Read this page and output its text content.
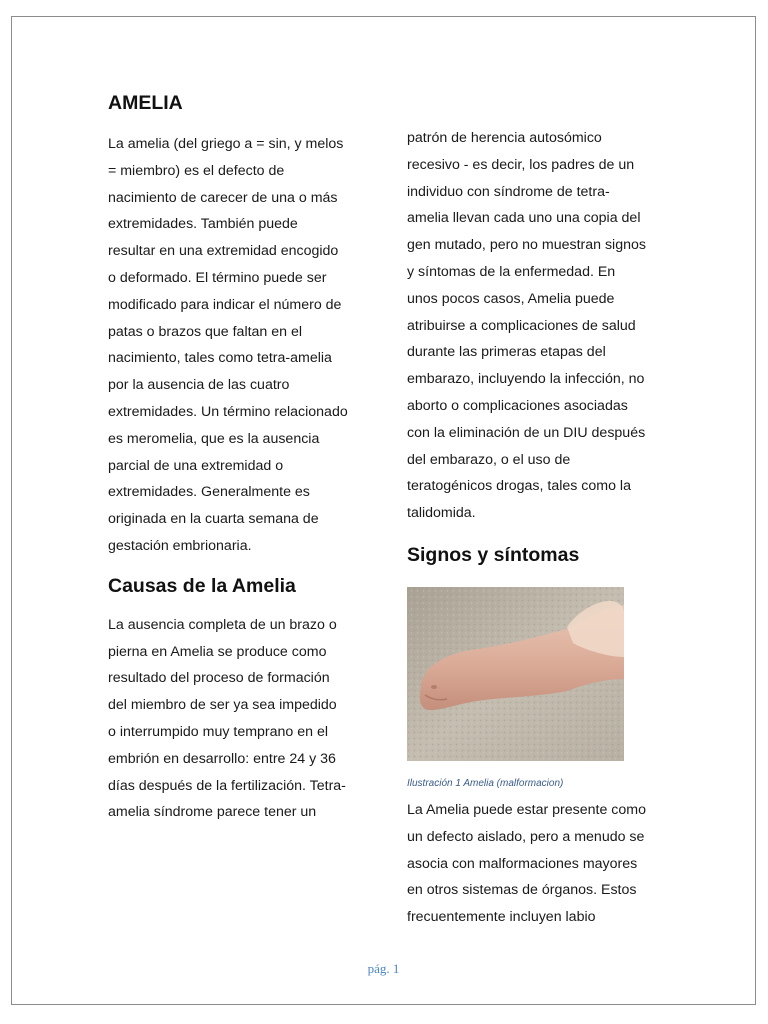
AMELIA

La amelia (del griego a = sin, y melos
= miembro) es el defecto de
nacimiento de carecer de una o más
extremidades. También puede
resultar en una extremidad encogido
o deformado. El término puede ser
modificado para indicar el número de
patas o brazos que faltan en el
nacimiento, tales como tetra-amelia
por la ausencia de las cuatro
extremidades. Un término relacionado
es meromelia, que es la ausencia
parcial de una extremidad o
extremidades. Generalmente es
originada en la cuarta semana de
gestación embrionaria.

Causas de la Amelia

La ausencia completa de un brazo o
pierna en Amelia se produce como
resultado del proceso de formación
del miembro de ser ya sea impedido
o interrumpido muy temprano en el
embrión en desarrollo: entre 24 y 36
días después de la fertilización. Tetra-
amelia síndrome parece tener un

patrón de herencia autosómico
recesivo - es decir, los padres de un
individuo con síndrome de tetra-
amelia llevan cada uno una copia del
gen mutado, pero no muestran signos
y síntomas de la enfermedad. En
unos pocos casos, Amelia puede
atribuirse a complicaciones de salud
durante las primeras etapas del
embarazo, incluyendo la infección, no
aborto o complicaciones asociadas
con la eliminación de un DIU después
del embarazo, o el uso de
teratogénicos drogas, tales como la
talidomida.

Signos y síntomas

Ilustración 1 Amelia (malformacion)

La Amelia puede estar presente como
un defecto aislado, pero a menudo se
asocia con malformaciones mayores
en otros sistemas de órganos. Estos
frecuentemente incluyen labio

pág. 1
